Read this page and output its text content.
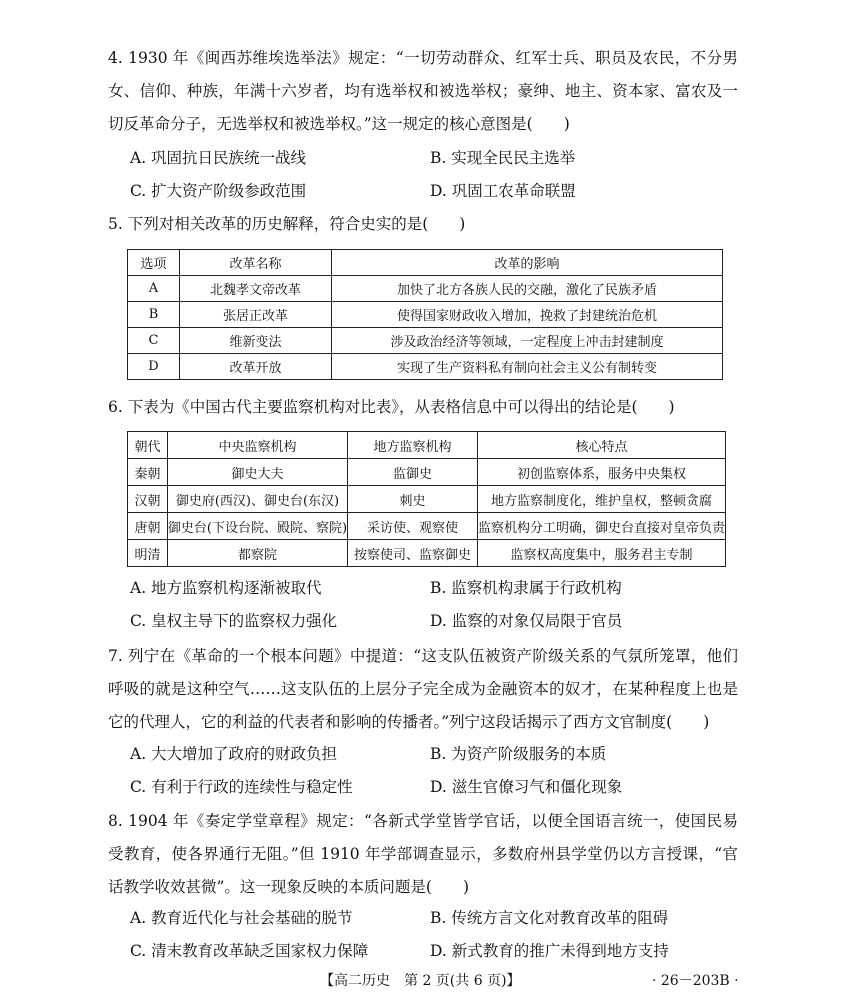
4. 1930 年《闽西苏维埃选举法》规定：“一切劳动群众、红军士兵、职员及农民，不分男女、信仰、种族，年满十六岁者，均有选举权和被选举权；豪绅、地主、资本家、富农及一切反革命分子，无选举权和被选举权。”这一规定的核心意图是(　　)

A. 巩固抗日民族统一战线	B. 实现全民民主选举
C. 扩大资产阶级参政范围	D. 巩固工农革命联盟

5. 下列对相关改革的历史解释，符合史实的是(　　)

选项	改革名称	改革的影响
A	北魏孝文帝改革	加快了北方各族人民的交融，激化了民族矛盾
B	张居正改革	使得国家财政收入增加，挽救了封建统治危机
C	维新变法	涉及政治经济等领域，一定程度上冲击封建制度
D	改革开放	实现了生产资料私有制向社会主义公有制转变

6. 下表为《中国古代主要监察机构对比表》，从表格信息中可以得出的结论是(　　)

朝代	中央监察机构	地方监察机构	核心特点
秦朝	御史大夫	监御史	初创监察体系，服务中央集权
汉朝	御史府(西汉)、御史台(东汉)	刺史	地方监察制度化，维护皇权，整顿贪腐
唐朝	御史台(下设台院、殿院、察院)	采访使、观察使	监察机构分工明确，御史台直接对皇帝负责
明清	都察院	按察使司、监察御史	监察权高度集中，服务君主专制
A. 地方监察机构逐渐被取代	B. 监察机构隶属于行政机构
C. 皇权主导下的监察权力强化	D. 监察的对象仅局限于官员

7. 列宁在《革命的一个根本问题》中提道：“这支队伍被资产阶级关系的气氛所笼罩，他们呼吸的就是这种空气……这支队伍的上层分子完全成为金融资本的奴才，在某种程度上也是它的代理人，它的利益的代表者和影响的传播者。”列宁这段话揭示了西方文官制度(　　)

A. 大大增加了政府的财政负担	B. 为资产阶级服务的本质
C. 有利于行政的连续性与稳定性	D. 滋生官僚习气和僵化现象

8. 1904 年《奏定学堂章程》规定：“各新式学堂皆学官话，以便全国语言统一，使国民易受教育，使各界通行无阻。”但 1910 年学部调查显示，多数府州县学堂仍以方言授课，“官话教学收效甚微”。这一现象反映的本质问题是(　　)

A. 教育近代化与社会基础的脱节	B. 传统方言文化对教育改革的阻碍
C. 清末教育改革缺乏国家权力保障	D. 新式教育的推广未得到地方支持
【高二历史　第 2 页(共 6 页)】	· 26－203B ·
